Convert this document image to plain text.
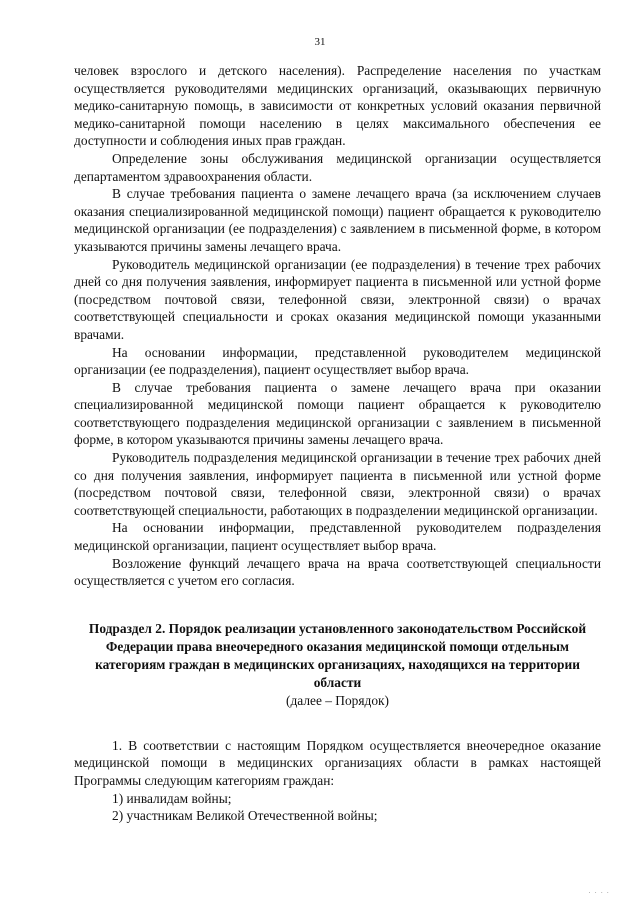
31

человек взрослого и детского населения). Распределение населения по участкам осуществляется руководителями медицинских организаций, оказывающих первичную медико-санитарную помощь, в зависимости от конкретных условий оказания первичной медико-санитарной помощи населению в целях максимального обеспечения ее доступности и соблюдения иных прав граждан.

Определение зоны обслуживания медицинской организации осуществляется департаментом здравоохранения области.

В случае требования пациента о замене лечащего врача (за исключением случаев оказания специализированной медицинской помощи) пациент обращается к руководителю медицинской организации (ее подразделения) с заявлением в письменной форме, в котором указываются причины замены лечащего врача.

Руководитель медицинской организации (ее подразделения) в течение трех рабочих дней со дня получения заявления, информирует пациента в письменной или устной форме (посредством почтовой связи, телефонной связи, электронной связи) о врачах соответствующей специальности и сроках оказания медицинской помощи указанными врачами.

На основании информации, представленной руководителем медицинской организации (ее подразделения), пациент осуществляет выбор врача.

В случае требования пациента о замене лечащего врача при оказании специализированной медицинской помощи пациент обращается к руководителю соответствующего подразделения медицинской организации с заявлением в письменной форме, в котором указываются причины замены лечащего врача.

Руководитель подразделения медицинской организации в течение трех рабочих дней со дня получения заявления, информирует пациента в письменной или устной форме (посредством почтовой связи, телефонной связи, электронной связи) о врачах соответствующей специальности, работающих в подразделении медицинской организации.

На основании информации, представленной руководителем подразделения медицинской организации, пациент осуществляет выбор врача.

Возложение функций лечащего врача на врача соответствующей специальности осуществляется с учетом его согласия.

Подраздел 2. Порядок реализации установленного законодательством Российской Федерации права внеочередного оказания медицинской помощи отдельным категориям граждан в медицинских организациях, находящихся на территории области
(далее – Порядок)

1. В соответствии с настоящим Порядком осуществляется внеочередное оказание медицинской помощи в медицинских организациях области в рамках настоящей Программы следующим категориям граждан:

1) инвалидам войны;

2) участникам Великой Отечественной войны;

· · · ·
